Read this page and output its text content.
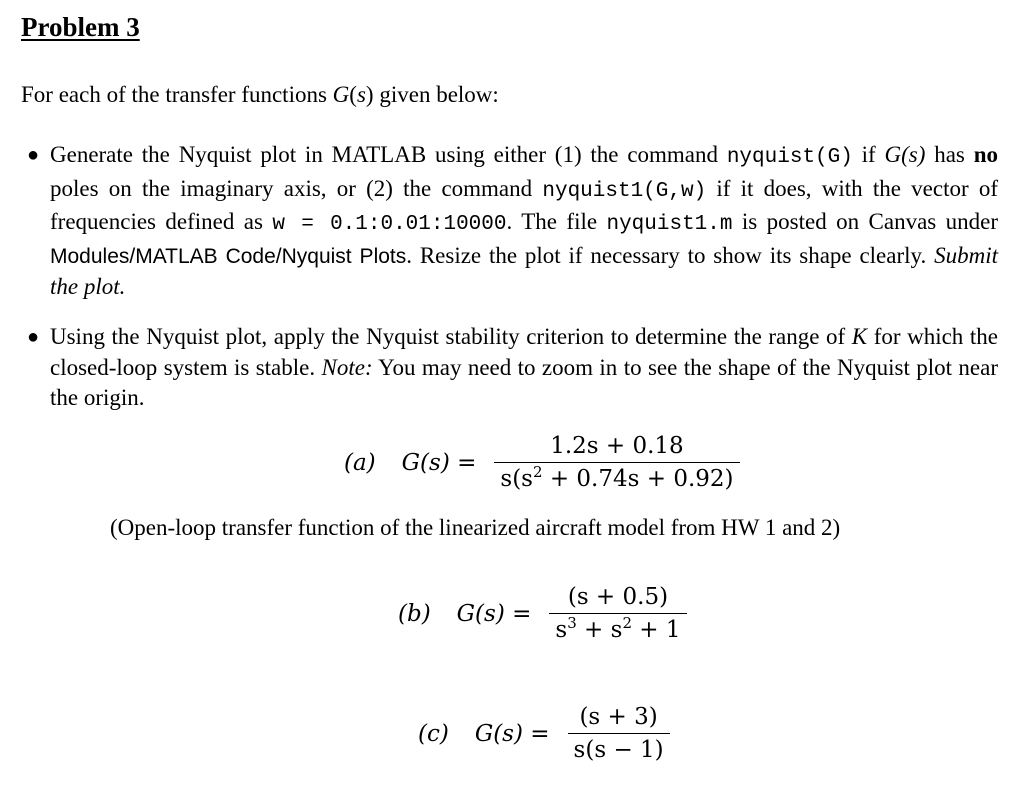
Problem 3
For each of the transfer functions G(s) given below:
● Generate the Nyquist plot in MATLAB using either (1) the command nyquist(G) if G(s) has no poles on the imaginary axis, or (2) the command nyquist1(G,w) if it does, with the vector of frequencies defined as w = 0.1:0.01:10000. The file nyquist1.m is posted on Canvas under Modules/MATLAB Code/Nyquist Plots. Resize the plot if necessary to show its shape clearly. Submit the plot.
● Using the Nyquist plot, apply the Nyquist stability criterion to determine the range of K for which the closed-loop system is stable. Note: You may need to zoom in to see the shape of the Nyquist plot near the origin.
(a) $G(s) = \frac{1.2s + 0.18}{s(s^2 + 0.74s + 0.92)}$
(Open-loop transfer function of the linearized aircraft model from HW 1 and 2)
(b) $G(s) = \frac{(s + 0.5)}{s^3 + s^2 + 1}$
(c) $G(s) = \frac{(s + 3)}{s(s - 1)}$
